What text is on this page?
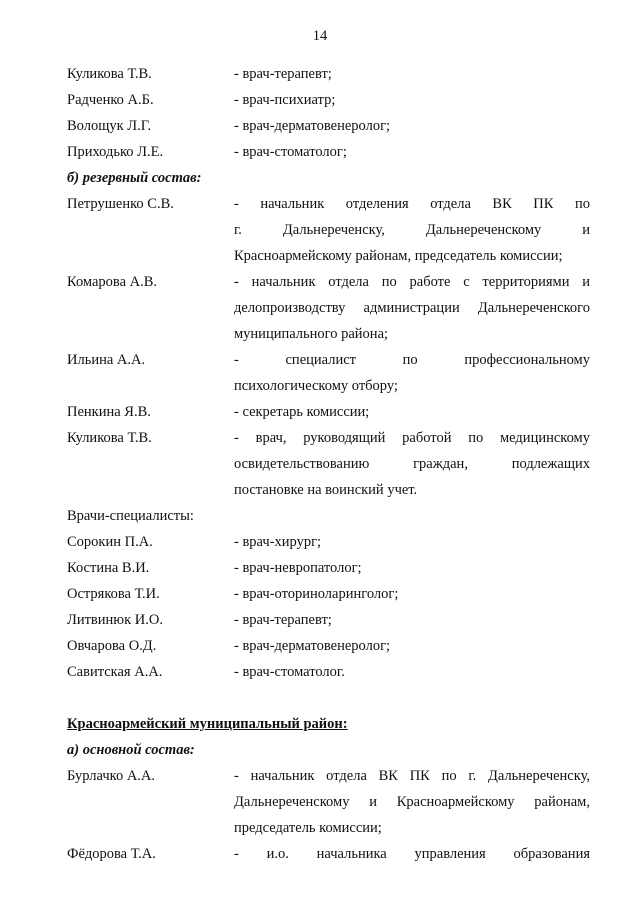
14
Куликова Т.В.	- врач-терапевт;
Радченко А.Б.	- врач-психиатр;
Волощук Л.Г.	- врач-дерматовенеролог;
Приходько Л.Е.	- врач-стоматолог;
б) резервный состав:
Петрушенко С.В.	- начальник отделения отдела ВК ПК по
г. Дальнереченску, Дальнереченскому и
Красноармейскому районам, председатель комиссии;
Комарова А.В.	- начальник отдела по работе с территориями и
делопроизводству администрации Дальнереченского
муниципального района;
Ильина А.А.	- специалист по профессиональному
психологическому отбору;
Пенкина Я.В.	- секретарь комиссии;
Куликова Т.В.	- врач, руководящий работой по медицинскому
освидетельствованию граждан, подлежащих
постановке на воинский учет.
Врачи-специалисты:
Сорокин П.А.	- врач-хирург;
Костина В.И.	- врач-невропатолог;
Острякова Т.И.	- врач-оториноларинголог;
Литвинюк И.О.	- врач-терапевт;
Овчарова О.Д.	- врач-дерматовенеролог;
Савитская А.А.	- врач-стоматолог.
Красноармейский муниципальный район:
а) основной состав:
Бурлачко А.А.	- начальник отдела ВК ПК по г. Дальнереченску,
Дальнереченскому и Красноармейскому районам,
председатель комиссии;
Фёдорова Т.А.	- и.о. начальника управления образования
